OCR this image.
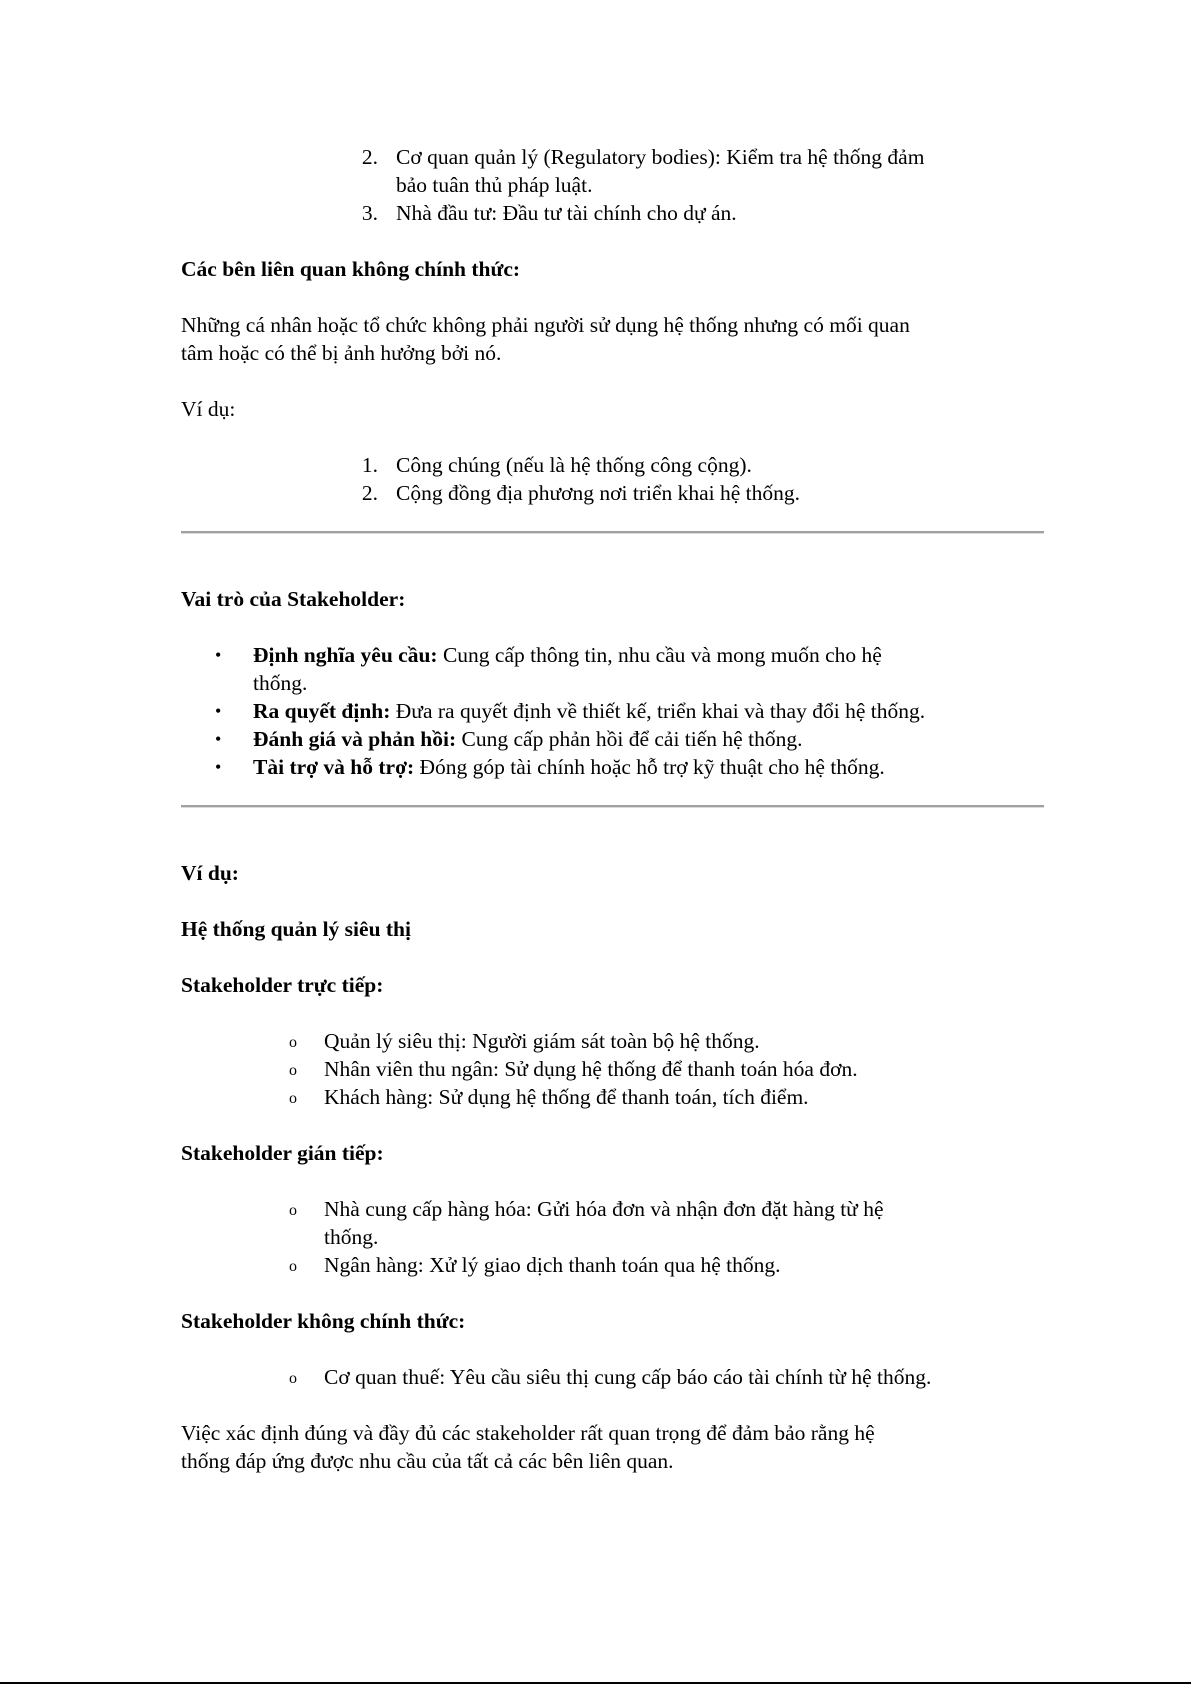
2. Cơ quan quản lý (Regulatory bodies): Kiểm tra hệ thống đảm
bảo tuân thủ pháp luật.
3. Nhà đầu tư: Đầu tư tài chính cho dự án.
Các bên liên quan không chính thức:
Những cá nhân hoặc tổ chức không phải người sử dụng hệ thống nhưng có mối quan
tâm hoặc có thể bị ảnh hưởng bởi nó.
Ví dụ:
1. Công chúng (nếu là hệ thống công cộng).
2. Cộng đồng địa phương nơi triển khai hệ thống.
Vai trò của Stakeholder:
• Định nghĩa yêu cầu: Cung cấp thông tin, nhu cầu và mong muốn cho hệ
thống.
• Ra quyết định: Đưa ra quyết định về thiết kế, triển khai và thay đổi hệ thống.
• Đánh giá và phản hồi: Cung cấp phản hồi để cải tiến hệ thống.
• Tài trợ và hỗ trợ: Đóng góp tài chính hoặc hỗ trợ kỹ thuật cho hệ thống.
Ví dụ:
Hệ thống quản lý siêu thị
Stakeholder trực tiếp:
o Quản lý siêu thị: Người giám sát toàn bộ hệ thống.
o Nhân viên thu ngân: Sử dụng hệ thống để thanh toán hóa đơn.
o Khách hàng: Sử dụng hệ thống để thanh toán, tích điểm.
Stakeholder gián tiếp:
o Nhà cung cấp hàng hóa: Gửi hóa đơn và nhận đơn đặt hàng từ hệ
thống.
o Ngân hàng: Xử lý giao dịch thanh toán qua hệ thống.
Stakeholder không chính thức:
o Cơ quan thuế: Yêu cầu siêu thị cung cấp báo cáo tài chính từ hệ thống.
Việc xác định đúng và đầy đủ các stakeholder rất quan trọng để đảm bảo rằng hệ
thống đáp ứng được nhu cầu của tất cả các bên liên quan.
